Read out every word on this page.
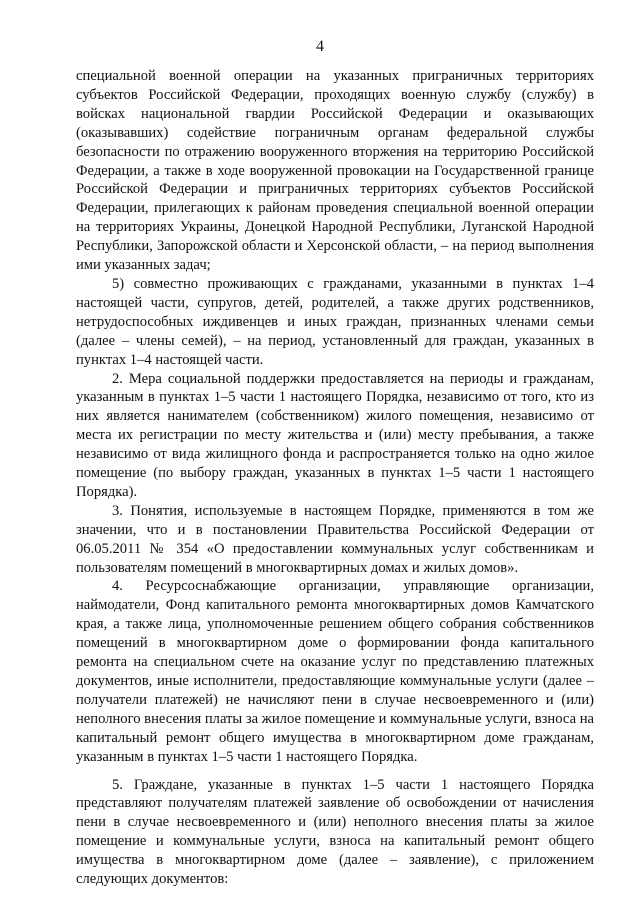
4

специальной военной операции на указанных приграничных территориях субъектов Российской Федерации, проходящих военную службу (службу) в войсках национальной гвардии Российской Федерации и оказывающих (оказывавших) содействие пограничным органам федеральной службы безопасности по отражению вооруженного вторжения на территорию Российской Федерации, а также в ходе вооруженной провокации на Государственной границе Российской Федерации и приграничных территориях субъектов Российской Федерации, прилегающих к районам проведения специальной военной операции на территориях Украины, Донецкой Народной Республики, Луганской Народной Республики, Запорожской области и Херсонской области, – на период выполнения ими указанных задач;

5) совместно проживающих с гражданами, указанными в пунктах 1–4 настоящей части, супругов, детей, родителей, а также других родственников, нетрудоспособных иждивенцев и иных граждан, признанных членами семьи (далее – члены семей), – на период, установленный для граждан, указанных в пунктах 1–4 настоящей части.

2. Мера социальной поддержки предоставляется на периоды и гражданам, указанным в пунктах 1–5 части 1 настоящего Порядка, независимо от того, кто из них является нанимателем (собственником) жилого помещения, независимо от места их регистрации по месту жительства и (или) месту пребывания, а также независимо от вида жилищного фонда и распространяется только на одно жилое помещение (по выбору граждан, указанных в пунктах 1–5 части 1 настоящего Порядка).

3. Понятия, используемые в настоящем Порядке, применяются в том же значении, что и в постановлении Правительства Российской Федерации от 06.05.2011 № 354 «О предоставлении коммунальных услуг собственникам и пользователям помещений в многоквартирных домах и жилых домов».

4. Ресурсоснабжающие организации, управляющие организации, наймодатели, Фонд капитального ремонта многоквартирных домов Камчатского края, а также лица, уполномоченные решением общего собрания собственников помещений в многоквартирном доме о формировании фонда капитального ремонта на специальном счете на оказание услуг по представлению платежных документов, иные исполнители, предоставляющие коммунальные услуги (далее – получатели платежей) не начисляют пени в случае несвоевременного и (или) неполного внесения платы за жилое помещение и коммунальные услуги, взноса на капитальный ремонт общего имущества в многоквартирном доме гражданам, указанным в пунктах 1–5 части 1 настоящего Порядка.

5. Граждане, указанные в пунктах 1–5 части 1 настоящего Порядка представляют получателям платежей заявление об освобождении от начисления пени в случае несвоевременного и (или) неполного внесения платы за жилое помещение и коммунальные услуги, взноса на капитальный ремонт общего имущества в многоквартирном доме (далее – заявление), с приложением следующих документов:
